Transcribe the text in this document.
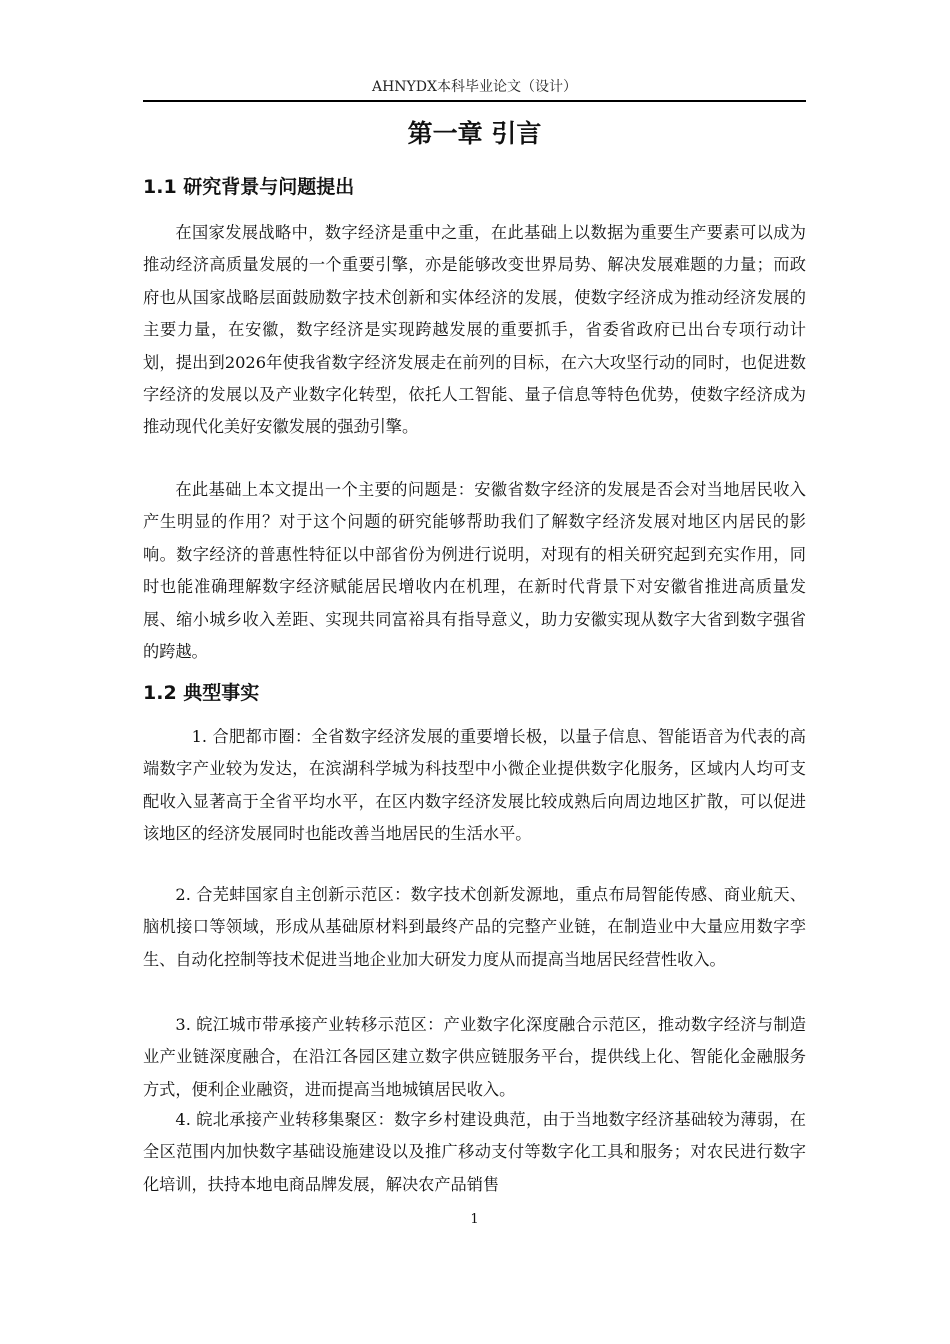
AHNYDX本科毕业论文（设计）
第一章 引言
1.1 研究背景与问题提出

在国家发展战略中，数字经济是重中之重，在此基础上以数据为重要生产要素可以成为推动经济高质量发展的一个重要引擎，亦是能够改变世界局势、解决发展难题的力量；而政府也从国家战略层面鼓励数字技术创新和实体经济的发展，使数字经济成为推动经济发展的主要力量，在安徽，数字经济是实现跨越发展的重要抓手，省委省政府已出台专项行动计划，提出到2026年使我省数字经济发展走在前列的目标，在六大攻坚行动的同时，也促进数字经济的发展以及产业数字化转型，依托人工智能、量子信息等特色优势，使数字经济成为推动现代化美好安徽发展的强劲引擎。

在此基础上本文提出一个主要的问题是：安徽省数字经济的发展是否会对当地居民收入产生明显的作用？对于这个问题的研究能够帮助我们了解数字经济发展对地区内居民的影响。数字经济的普惠性特征以中部省份为例进行说明，对现有的相关研究起到充实作用，同时也能准确理解数字经济赋能居民增收内在机理，在新时代背景下对安徽省推进高质量发展、缩小城乡收入差距、实现共同富裕具有指导意义，助力安徽实现从数字大省到数字强省的跨越。

1.2 典型事实

1. 合肥都市圈：全省数字经济发展的重要增长极，以量子信息、智能语音为代表的高端数字产业较为发达，在滨湖科学城为科技型中小微企业提供数字化服务，区域内人均可支配收入显著高于全省平均水平，在区内数字经济发展比较成熟后向周边地区扩散，可以促进该地区的经济发展同时也能改善当地居民的生活水平。

2. 合芜蚌国家自主创新示范区：数字技术创新发源地，重点布局智能传感、商业航天、脑机接口等领域，形成从基础原材料到最终产品的完整产业链，在制造业中大量应用数字孪生、自动化控制等技术促进当地企业加大研发力度从而提高当地居民经营性收入。

3. 皖江城市带承接产业转移示范区：产业数字化深度融合示范区，推动数字经济与制造业产业链深度融合，在沿江各园区建立数字供应链服务平台，提供线上化、智能化金融服务方式，便利企业融资，进而提高当地城镇居民收入。

4. 皖北承接产业转移集聚区：数字乡村建设典范，由于当地数字经济基础较为薄弱，在全区范围内加快数字基础设施建设以及推广移动支付等数字化工具和服务；对农民进行数字化培训，扶持本地电商品牌发展，解决农产品销售

1
